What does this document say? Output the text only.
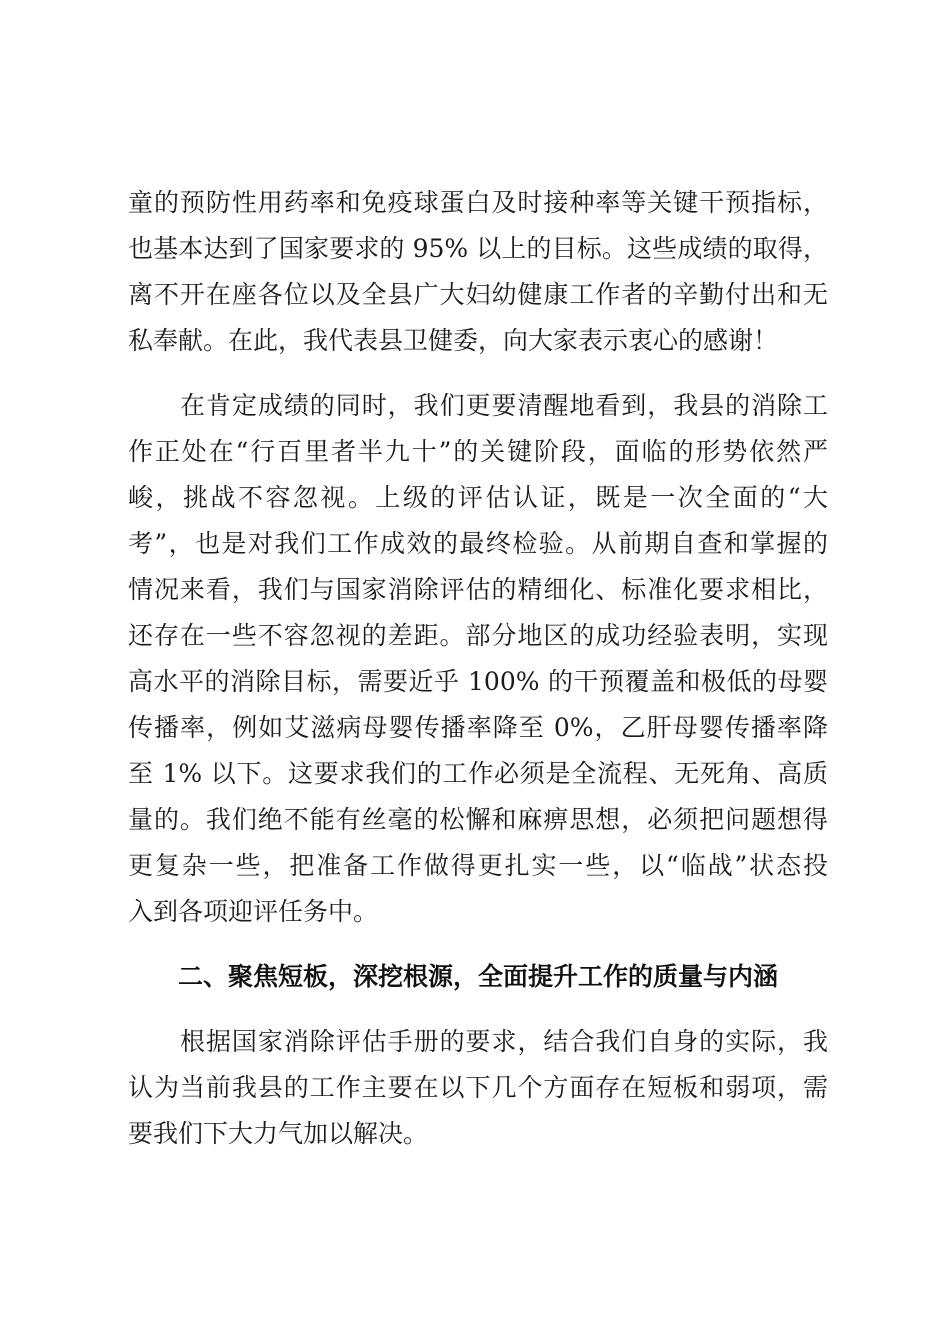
童的预防性用药率和免疫球蛋白及时接种率等关键干预指标，
也基本达到了国家要求的 95% 以上的目标。这些成绩的取得，
离不开在座各位以及全县广大妇幼健康工作者的辛勤付出和无
私奉献。在此，我代表县卫健委，向大家表示衷心的感谢！
在肯定成绩的同时，我们更要清醒地看到，我县的消除工
作正处在“行百里者半九十”的关键阶段，面临的形势依然严
峻，挑战不容忽视。上级的评估认证，既是一次全面的“大
考”，也是对我们工作成效的最终检验。从前期自查和掌握的
情况来看，我们与国家消除评估的精细化、标准化要求相比，
还存在一些不容忽视的差距。部分地区的成功经验表明，实现
高水平的消除目标，需要近乎 100% 的干预覆盖和极低的母婴
传播率，例如艾滋病母婴传播率降至 0%，乙肝母婴传播率降
至 1% 以下。这要求我们的工作必须是全流程、无死角、高质
量的。我们绝不能有丝毫的松懈和麻痹思想，必须把问题想得
更复杂一些，把准备工作做得更扎实一些，以“临战”状态投
入到各项迎评任务中。
二、聚焦短板，深挖根源，全面提升工作的质量与内涵
根据国家消除评估手册的要求，结合我们自身的实际，我
认为当前我县的工作主要在以下几个方面存在短板和弱项，需
要我们下大力气加以解决。
